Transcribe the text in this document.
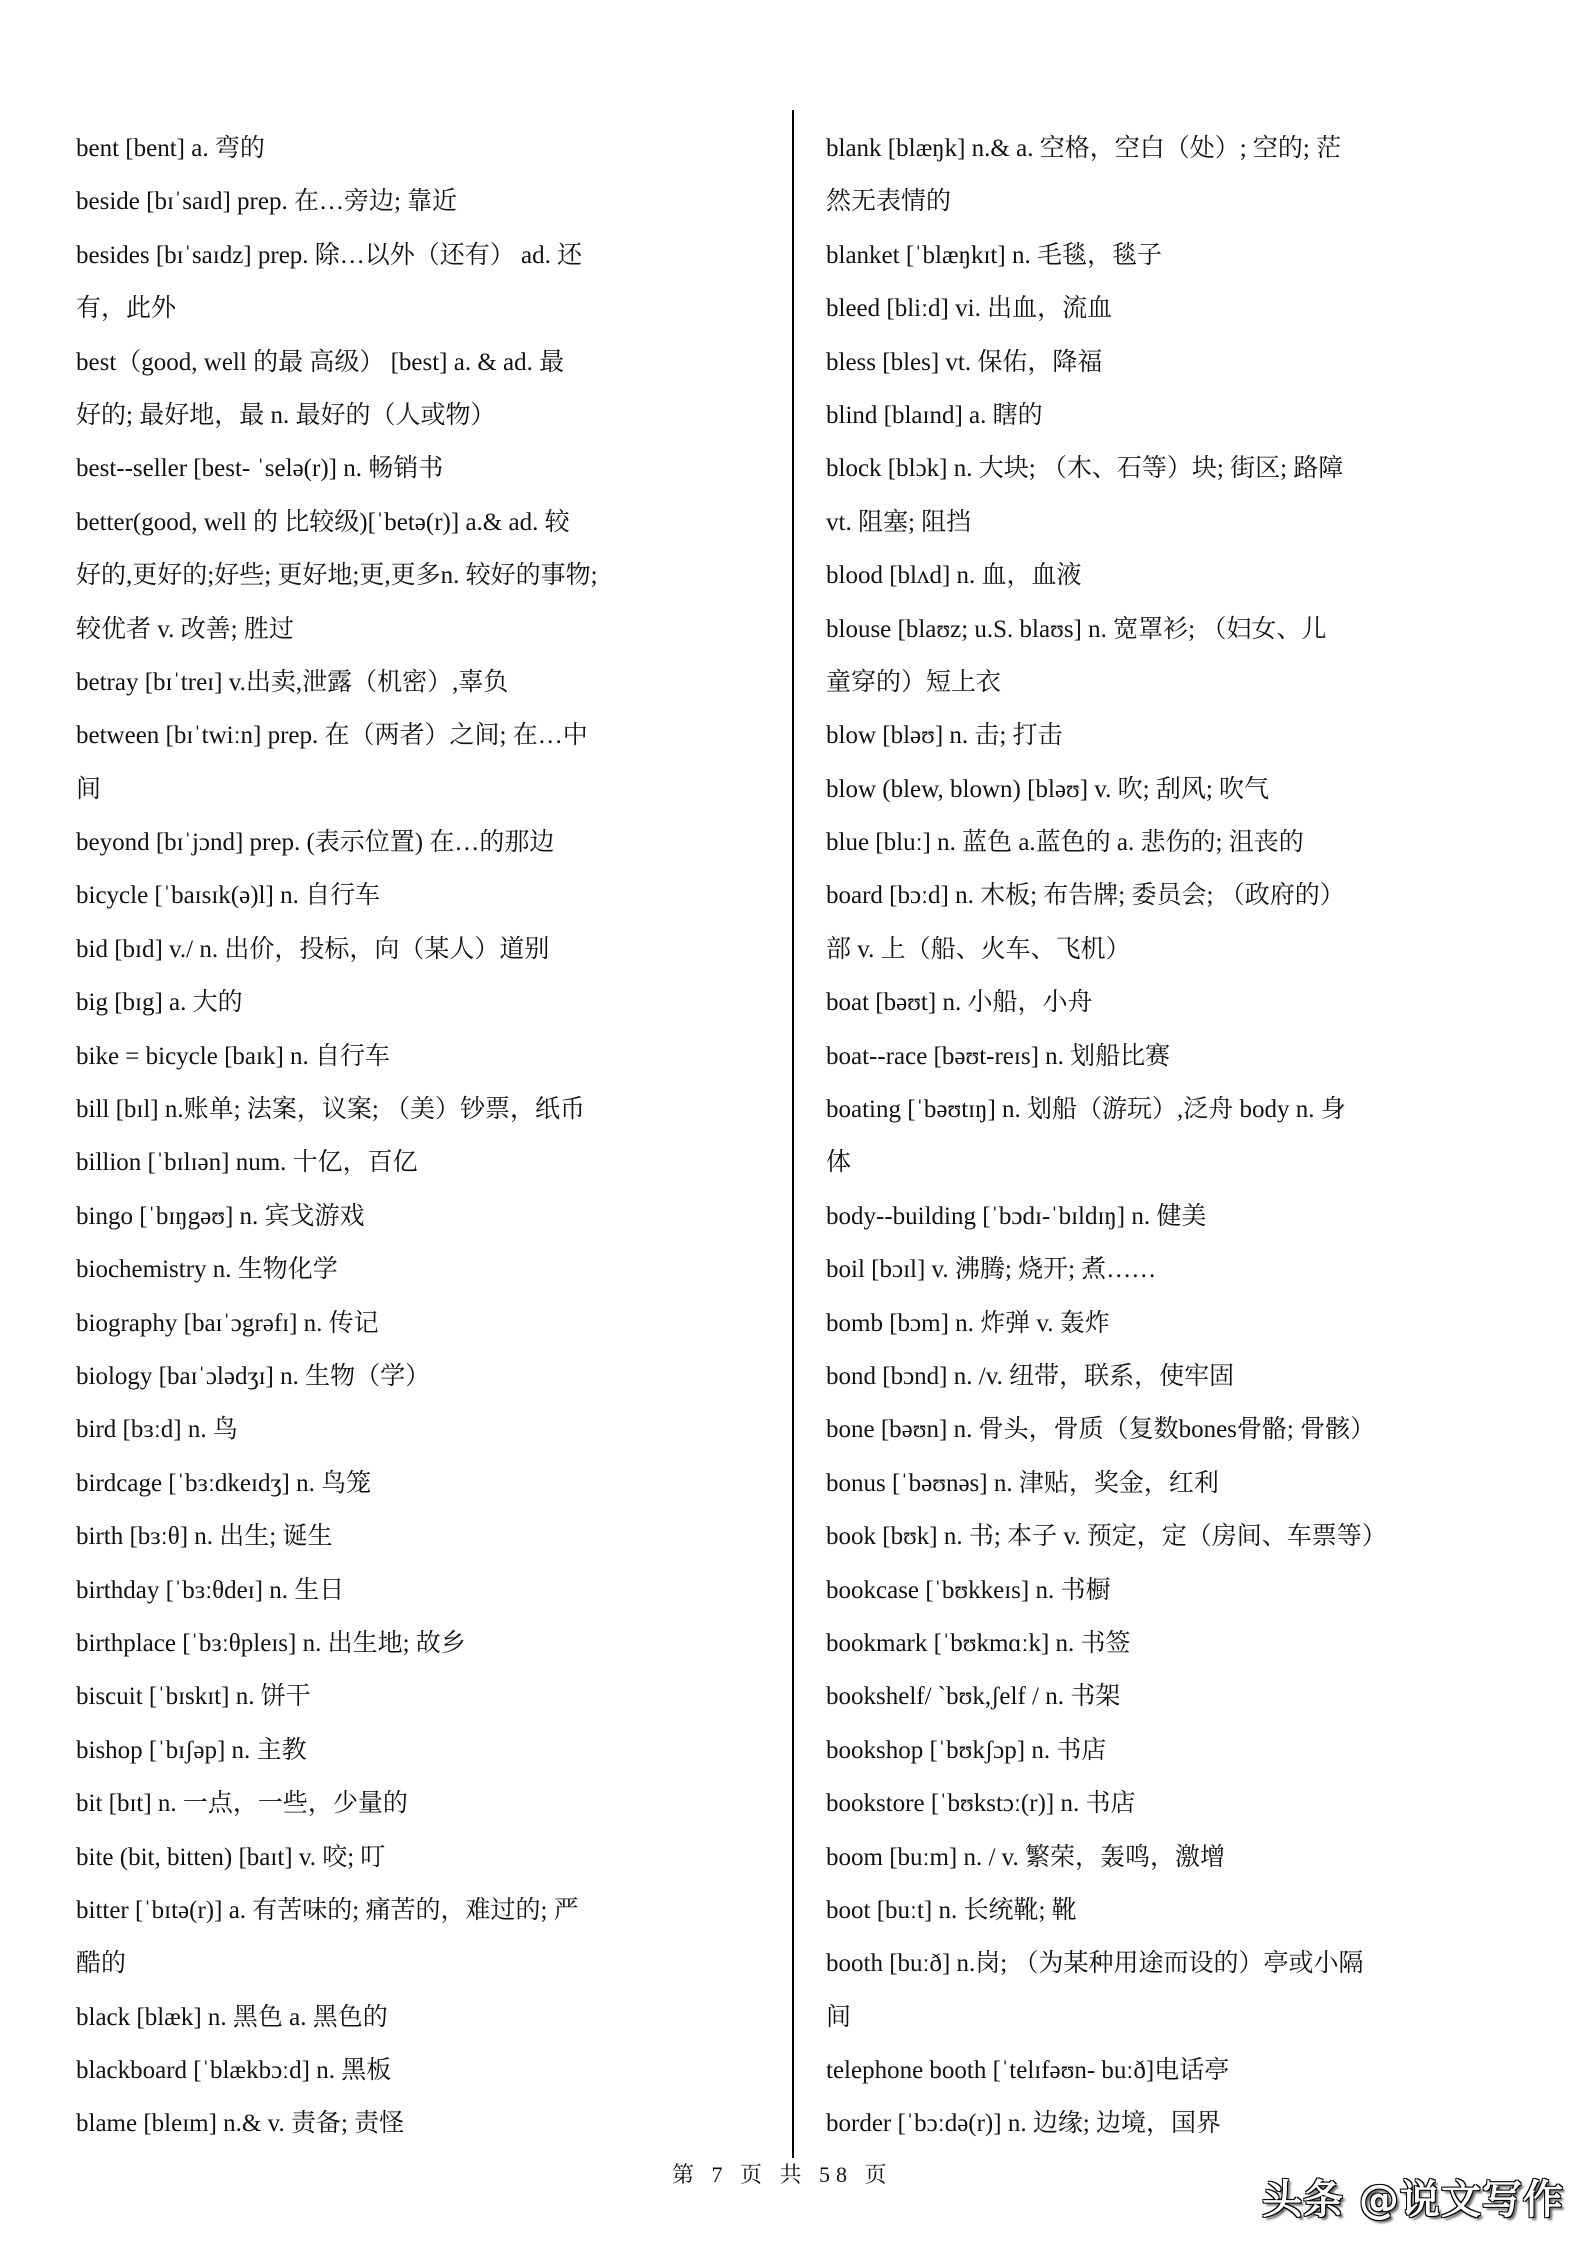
bent [bent] a. 弯的
beside [bɪˈsaɪd] prep. 在…旁边; 靠近
besides [bɪˈsaɪdz] prep. 除…以外（还有） ad. 还
有，此外
best（good, well 的最 高级） [best] a. & ad. 最
好的; 最好地，最 n. 最好的（人或物）
best--seller [best- ˈselə(r)] n. 畅销书
better(good, well 的 比较级)[ˈbetə(r)] a.& ad. 较
好的,更好的;好些; 更好地;更,更多n. 较好的事物;
较优者 v. 改善; 胜过
betray [bɪˈtreɪ] v.出卖,泄露（机密）,辜负
between [bɪˈtwiːn] prep. 在（两者）之间; 在…中
间
beyond [bɪˈjɔnd] prep. (表示位置) 在…的那边
bicycle [ˈbaɪsɪk(ə)l] n. 自行车
bid [bɪd] v./ n. 出价，投标，向（某人）道别
big [bɪg] a. 大的
bike = bicycle [baɪk] n. 自行车
bill [bɪl] n.账单; 法案，议案; （美）钞票，纸币
billion [ˈbɪlɪən] num. 十亿，百亿
bingo [ˈbɪŋgəʊ] n. 宾戈游戏
biochemistry n. 生物化学
biography [baɪˈɔgrəfɪ] n. 传记
biology [baɪˈɔlədʒɪ] n. 生物（学）
bird [bɜːd] n. 鸟
birdcage [ˈbɜːdkeɪdʒ] n. 鸟笼
birth [bɜːθ] n. 出生; 诞生
birthday [ˈbɜːθdeɪ] n. 生日
birthplace [ˈbɜːθpleɪs] n. 出生地; 故乡
biscuit [ˈbɪskɪt] n. 饼干
bishop [ˈbɪʃəp] n. 主教
bit [bɪt] n. 一点，一些，少量的
bite (bit, bitten) [baɪt] v. 咬; 叮
bitter [ˈbɪtə(r)] a. 有苦味的; 痛苦的，难过的; 严
酷的
black [blæk] n. 黑色 a. 黑色的
blackboard [ˈblækbɔːd] n. 黑板
blame [bleɪm] n.& v. 责备; 责怪
blank [blæŋk] n.& a. 空格，空白（处）; 空的; 茫
然无表情的
blanket [ˈblæŋkɪt] n. 毛毯，毯子
bleed [bliːd] vi. 出血，流血
bless [bles] vt. 保佑，降福
blind [blaɪnd] a. 瞎的
block [blɔk] n. 大块; （木、石等）块; 街区; 路障
vt. 阻塞; 阻挡
blood [blʌd] n. 血，血液
blouse [blaʊz; u.S. blaʊs] n. 宽罩衫; （妇女、儿
童穿的）短上衣
blow [bləʊ] n. 击; 打击
blow (blew, blown) [bləʊ] v. 吹; 刮风; 吹气
blue [bluː] n. 蓝色 a.蓝色的 a. 悲伤的; 沮丧的
board [bɔːd] n. 木板; 布告牌; 委员会; （政府的）
部 v. 上（船、火车、飞机）
boat [bəʊt] n. 小船，小舟
boat--race [bəʊt-reɪs] n. 划船比赛
boating [ˈbəʊtɪŋ] n. 划船（游玩）,泛舟 body n. 身
体
body--building [ˈbɔdɪ-ˈbɪldɪŋ] n. 健美
boil [bɔɪl] v. 沸腾; 烧开; 煮……
bomb [bɔm] n. 炸弹 v. 轰炸
bond [bɔnd] n. /v. 纽带，联系，使牢固
bone [bəʊn] n. 骨头，骨质（复数bones骨骼; 骨骸）
bonus [ˈbəʊnəs] n. 津贴，奖金，红利
book [bʊk] n. 书; 本子 v. 预定，定（房间、车票等）
bookcase [ˈbʊkkeɪs] n. 书橱
bookmark [ˈbʊkmɑːk] n. 书签
bookshelf/ `bʊk,ʃelf / n. 书架
bookshop [ˈbʊkʃɔp] n. 书店
bookstore [ˈbʊkstɔː(r)] n. 书店
boom [buːm] n. / v. 繁荣，轰鸣，激增
boot [buːt] n. 长统靴; 靴
booth [buːð] n.岗; （为某种用途而设的）亭或小隔
间
telephone booth [ˈtelɪfəʊn- buːð]电话亭
border [ˈbɔːdə(r)] n. 边缘; 边境，国界
第 7 页 共 58 页
头条 @说文写作
